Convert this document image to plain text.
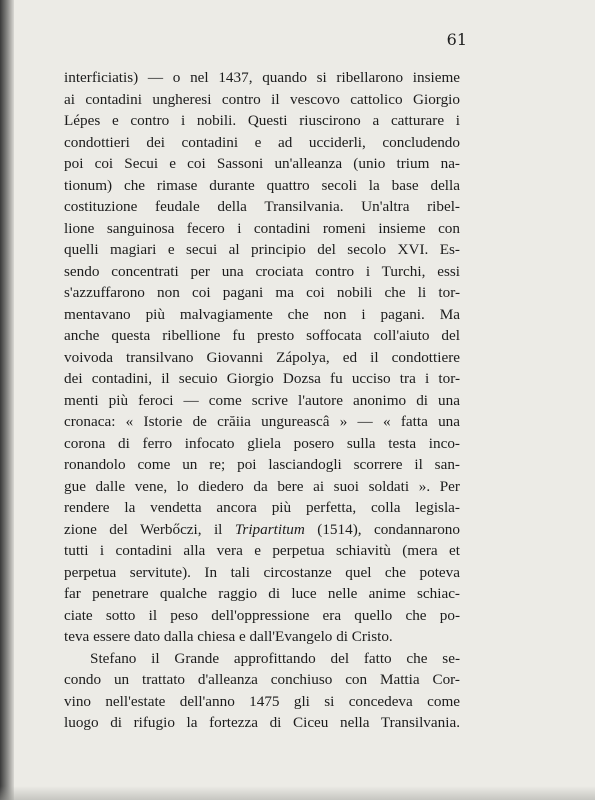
61
interficiatis) — o nel 1437, quando si ribellarono insieme
ai contadini ungheresi contro il vescovo cattolico Giorgio
Lépes e contro i nobili. Questi riuscirono a catturare i
condottieri dei contadini e ad ucciderli, concludendo
poi coi Secui e coi Sassoni un'alleanza (unio trium na-
tionum) che rimase durante quattro secoli la base della
costituzione feudale della Transilvania. Un'altra ribel-
lione sanguinosa fecero i contadini romeni insieme con
quelli magiari e secui al principio del secolo XVI. Es-
sendo concentrati per una crociata contro i Turchi, essi
s'azzuffarono non coi pagani ma coi nobili che li tor-
mentavano più malvagiamente che non i pagani. Ma
anche questa ribellione fu presto soffocata coll'aiuto del
voivoda transilvano Giovanni Zápolya, ed il condottiere
dei contadini, il secuio Giorgio Dozsa fu ucciso tra i tor-
menti più feroci — come scrive l'autore anonimo di una
cronaca: « Istorie de crăiia ungureascâ » — « fatta una
corona di ferro infocato gliela posero sulla testa inco-
ronandolo come un re; poi lasciandogli scorrere il san-
gue dalle vene, lo diedero da bere ai suoi soldati ». Per
rendere la vendetta ancora più perfetta, colla legisla-
zione del Werbőczi, il Tripartitum (1514), condannarono
tutti i contadini alla vera e perpetua schiavitù (mera et
perpetua servitute). In tali circostanze quel che poteva
far penetrare qualche raggio di luce nelle anime schiac-
ciate sotto il peso dell'oppressione era quello che po-
teva essere dato dalla chiesa e dall'Evangelo di Cristo.
Stefano il Grande approfittando del fatto che se-
condo un trattato d'alleanza conchiuso con Mattia Cor-
vino nell'estate dell'anno 1475 gli si concedeva come
luogo di rifugio la fortezza di Ciceu nella Transilvania.
